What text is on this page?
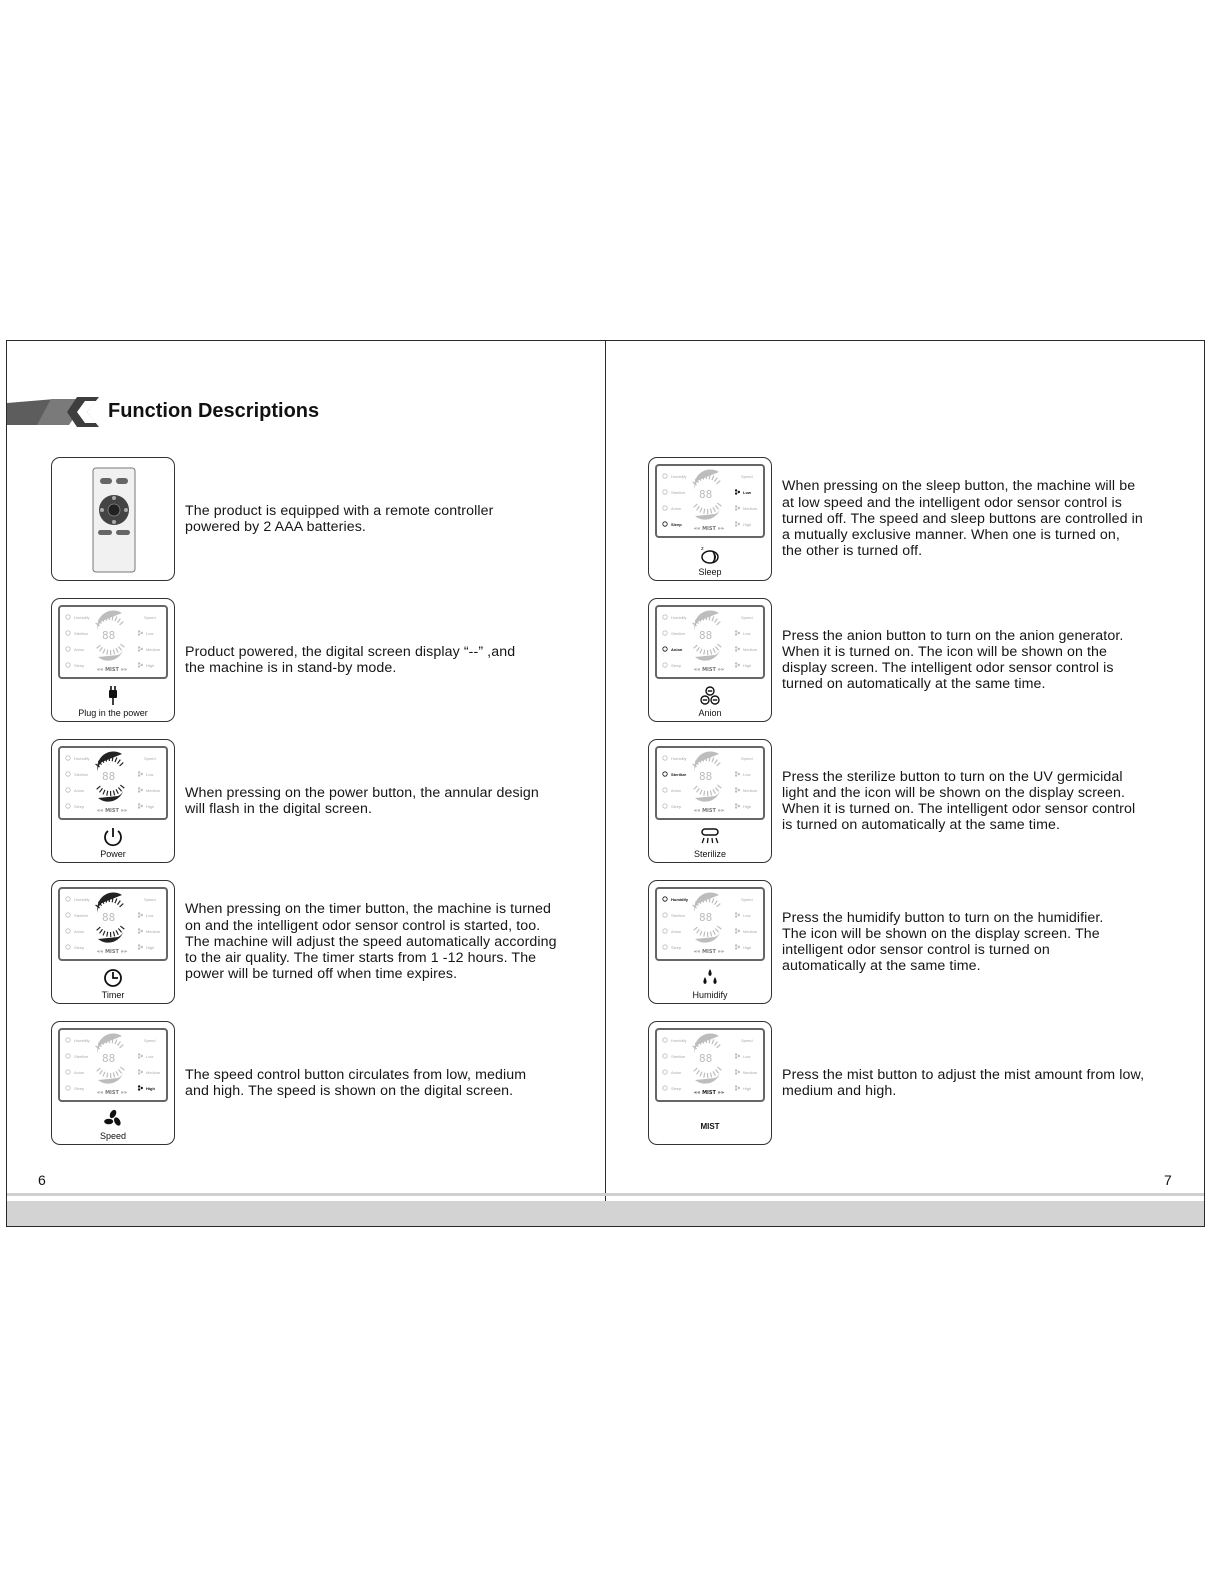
Function Descriptions
The product is equipped with a remote controller
powered by 2 AAA batteries.
Humidify
Sterilize
Anion
Sleep
Speed
Low
Medium
High
88
«« MIST »»
Plug in the power
Product powered, the digital screen display “--” ,and
the machine is in stand-by mode.
Humidify
Sterilize
Anion
Sleep
Speed
Low
Medium
High
88
«« MIST »»
Power
When pressing on the power button, the annular design
will flash in the digital screen.
Humidify
Sterilize
Anion
Sleep
Speed
Low
Medium
High
88
«« MIST »»
Timer
When pressing on the timer button, the machine is turned
on and the intelligent odor sensor control is started, too.
The machine will adjust the speed automatically according
to the air quality. The timer starts from 1 -12 hours. The
power will be turned off when time expires.
Humidify
Sterilize
Anion
Sleep
Speed
Low
Medium
High
88
«« MIST »»
Speed
The speed control button circulates from low, medium
and high. The speed is shown on the digital screen.
Humidify
Sterilize
Anion
Sleep
Speed
Low
Medium
High
88
«« MIST »»
z
Sleep
When pressing on the sleep button, the machine will be
at low speed and the intelligent odor sensor control is
turned off. The speed and sleep buttons are controlled in
a mutually exclusive manner. When one is turned on,
the other is turned off.
Humidify
Sterilize
Anion
Sleep
Speed
Low
Medium
High
88
«« MIST »»
Anion
Press the anion button to turn on the anion generator.
When it is turned on. The icon will be shown on the
display screen. The intelligent odor sensor control is
turned on automatically at the same time.
Humidify
Sterilize
Anion
Sleep
Speed
Low
Medium
High
88
«« MIST »»
Sterilize
Press the sterilize button to turn on the UV germicidal
light and the icon will be shown on the display screen.
When it is turned on. The intelligent odor sensor control
is turned on automatically at the same time.
Humidify
Sterilize
Anion
Sleep
Speed
Low
Medium
High
88
«« MIST »»
Humidify
Press the humidify button to turn on the humidifier.
The icon will be shown on the display screen. The
intelligent odor sensor control is turned on
automatically at the same time.
Humidify
Sterilize
Anion
Sleep
Speed
Low
Medium
High
88
«« MIST »»
MIST
Press the mist button to adjust the mist amount from low,
medium and high.
6	7
